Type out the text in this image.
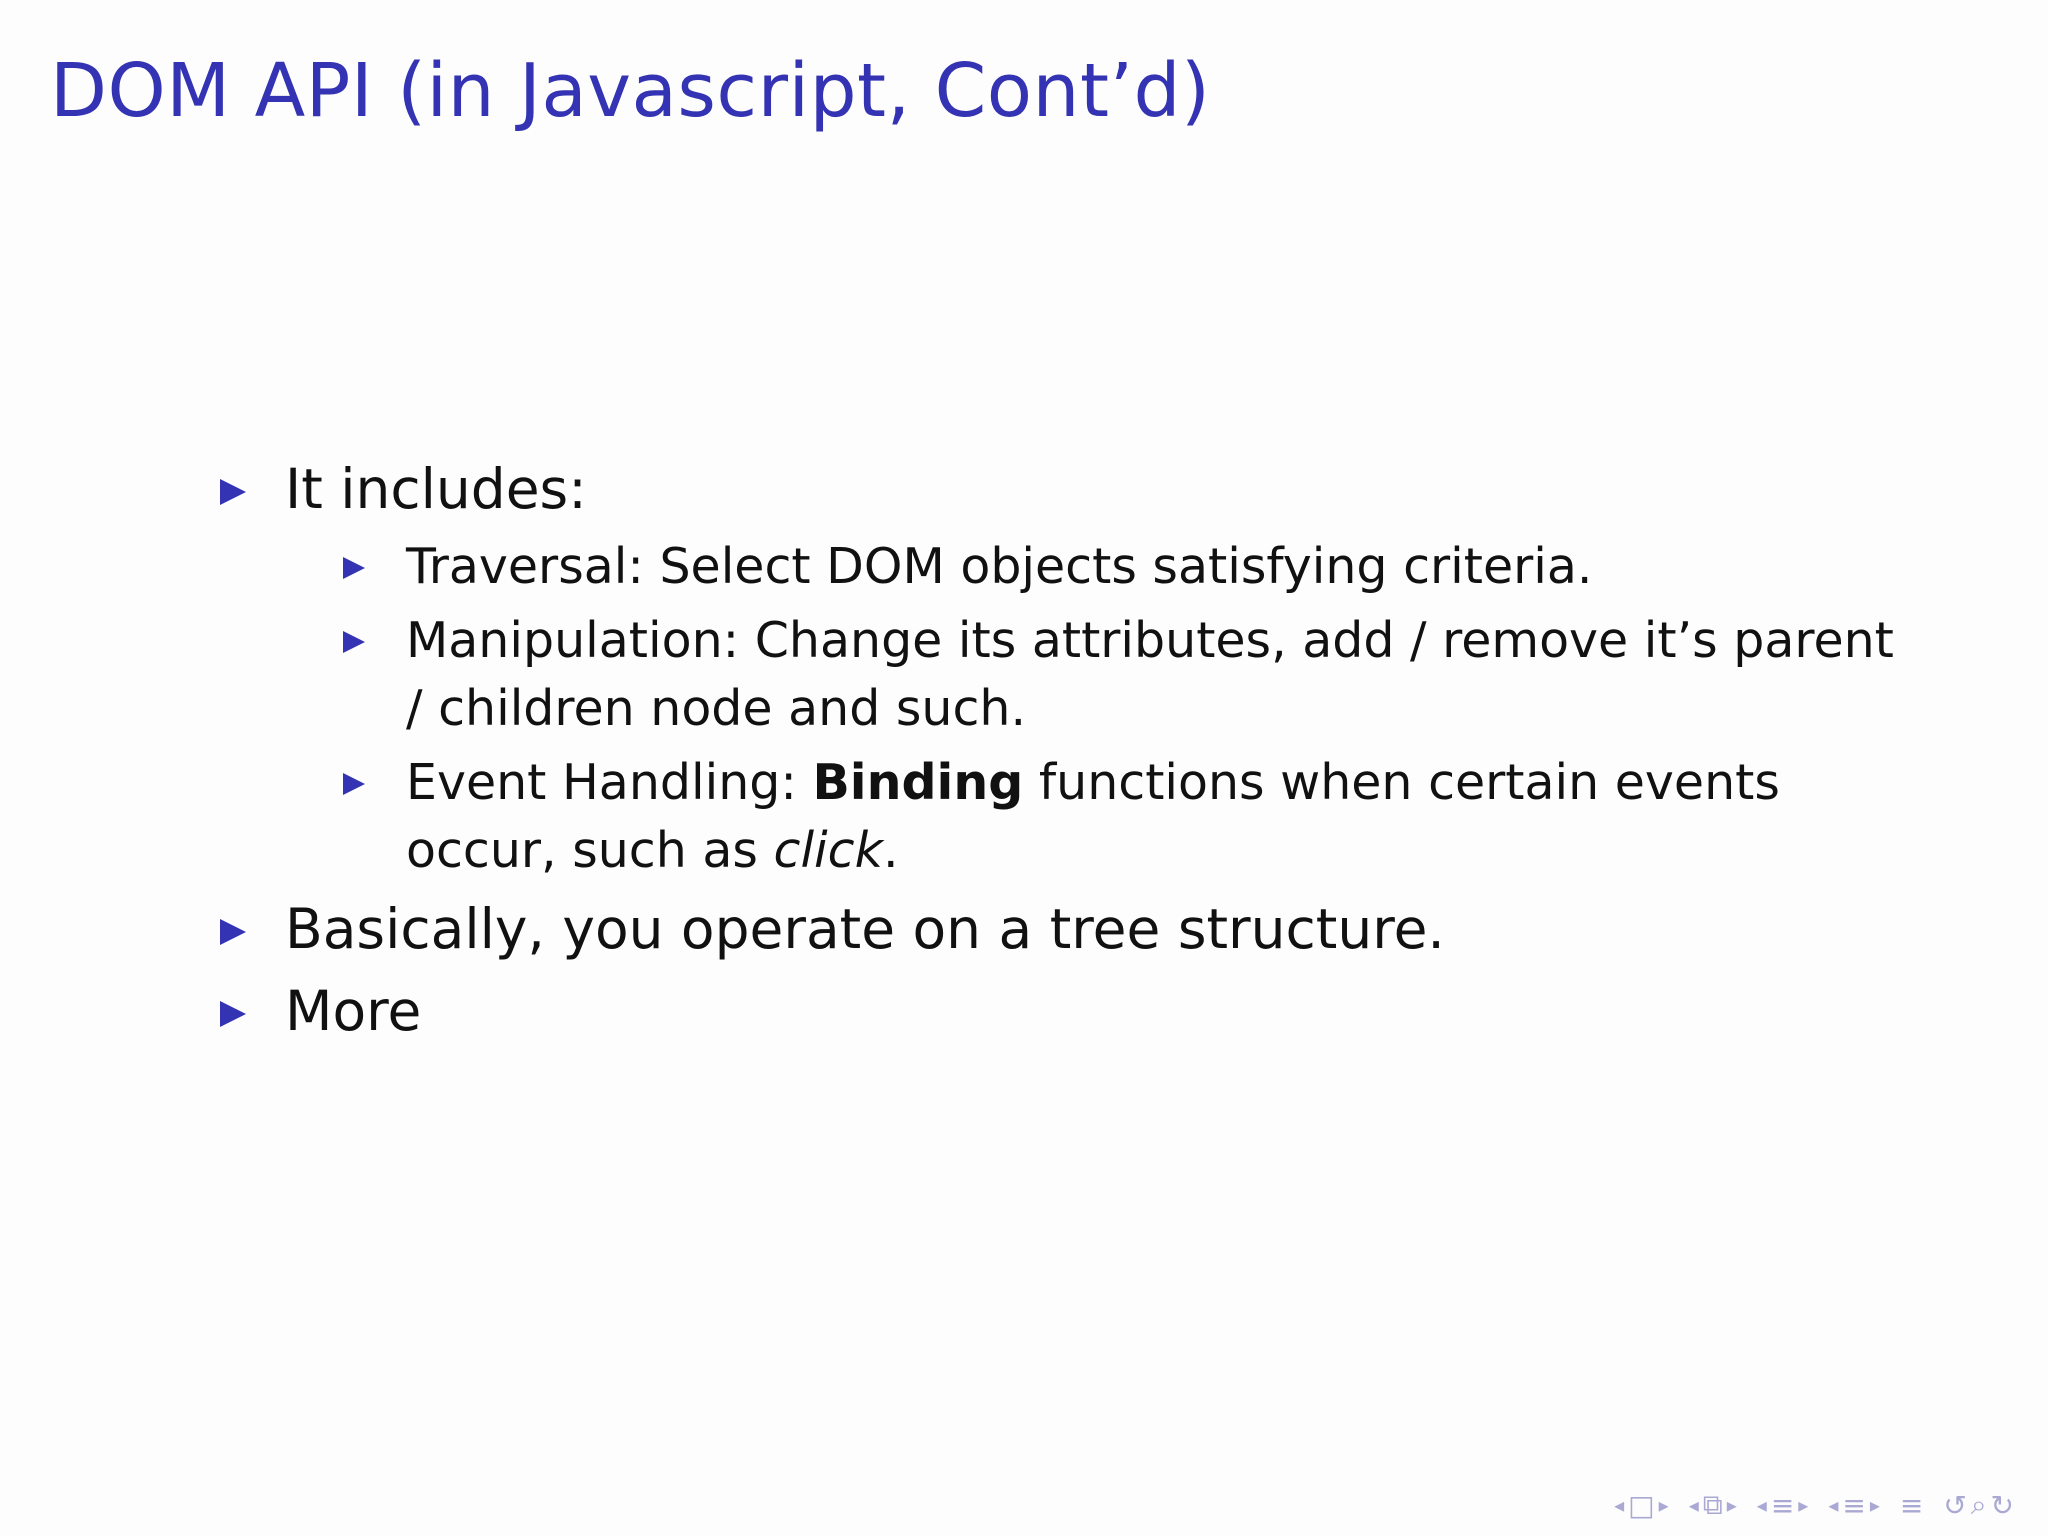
DOM API (in Javascript, Cont’d)
It includes:
Traversal: Select DOM objects satisfying criteria.
Manipulation: Change its attributes, add / remove it’s parent / children node and such.
Event Handling: Binding functions when certain events occur, such as click.
Basically, you operate on a tree structure.
More
◂ □ ▸ ◂ ⧉ ▸ ◂ ≡ ▸ ◂ ≡ ▸ ≡ ↺ ⌕ ↻
